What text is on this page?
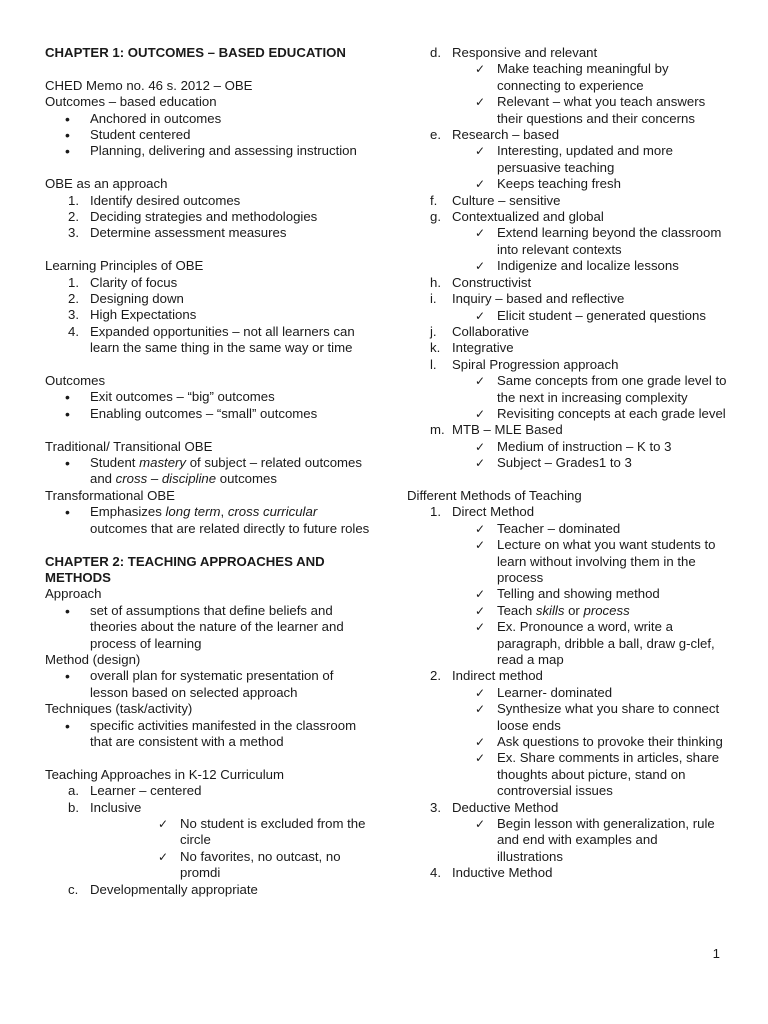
CHAPTER 1: OUTCOMES – BASED EDUCATION
CHED Memo no. 46 s. 2012 – OBE
Outcomes – based education
• Anchored in outcomes
• Student centered
• Planning, delivering and assessing instruction
OBE as an approach
1. Identify desired outcomes
2. Deciding strategies and methodologies
3. Determine assessment measures
Learning Principles of OBE
1. Clarity of focus
2. Designing down
3. High Expectations
4. Expanded opportunities – not all learners can learn the same thing in the same way or time
Outcomes
• Exit outcomes – “big” outcomes
• Enabling outcomes – “small” outcomes
Traditional/ Transitional OBE
• Student mastery of subject – related outcomes and cross – discipline outcomes
Transformational OBE
• Emphasizes long term, cross curricular outcomes that are related directly to future roles
CHAPTER 2: TEACHING APPROACHES AND METHODS
Approach
• set of assumptions that define beliefs and theories about the nature of the learner and process of learning
Method (design)
• overall plan for systematic presentation of lesson based on selected approach
Techniques (task/activity)
• specific activities manifested in the classroom that are consistent with a method
Teaching Approaches in K-12 Curriculum
a. Learner – centered
b. Inclusive
✓ No student is excluded from the circle
✓ No favorites, no outcast, no promdi
c. Developmentally appropriate
d. Responsive and relevant
✓ Make teaching meaningful by connecting to experience
✓ Relevant – what you teach answers their questions and their concerns
e. Research – based
✓ Interesting, updated and more persuasive teaching
✓ Keeps teaching fresh
f. Culture – sensitive
g. Contextualized and global
✓ Extend learning beyond the classroom into relevant contexts
✓ Indigenize and localize lessons
h. Constructivist
i. Inquiry – based and reflective
✓ Elicit student – generated questions
j. Collaborative
k. Integrative
l. Spiral Progression approach
✓ Same concepts from one grade level to the next in increasing complexity
✓ Revisiting concepts at each grade level
m. MTB – MLE Based
✓ Medium of instruction – K to 3
✓ Subject – Grades1 to 3
Different Methods of Teaching
1. Direct Method
✓ Teacher – dominated
✓ Lecture on what you want students to learn without involving them in the process
✓ Telling and showing method
✓ Teach skills or process
✓ Ex. Pronounce a word, write a paragraph, dribble a ball, draw g-clef, read a map
2. Indirect method
✓ Learner- dominated
✓ Synthesize what you share to connect loose ends
✓ Ask questions to provoke their thinking
✓ Ex. Share comments in articles, share thoughts about picture, stand on controversial issues
3. Deductive Method
✓ Begin lesson with generalization, rule and end with examples and illustrations
4. Inductive Method
1
